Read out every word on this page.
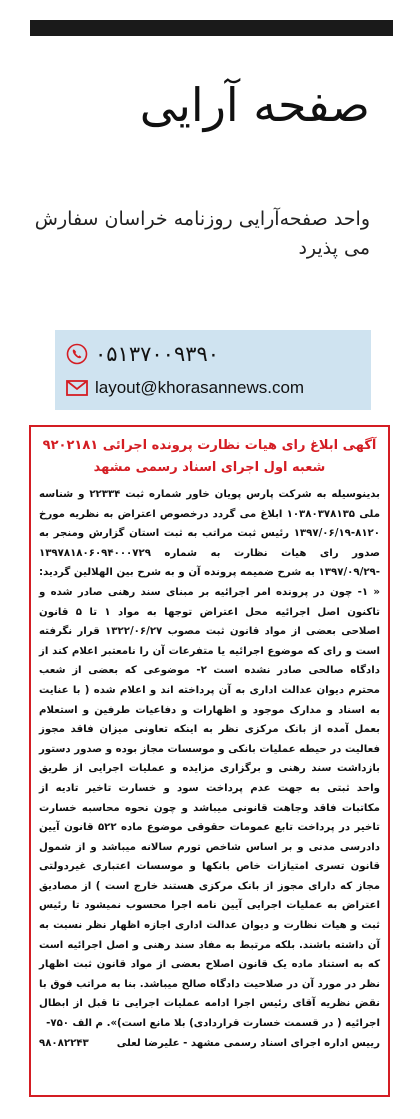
صفحه آرایی
واحد صفحه‌آرایی روزنامه خراسان سفارش می پذیرد
۰۵۱۳۷۰۰۹۳۹۰
layout@khorasannews.com
آگهی ابلاغ رای هیات نظارت پرونده اجرائی ۹۲۰۲۱۸۱
شعبه اول اجرای اسناد رسمی مشهد
بدینوسیله به شرکت پارس پویان خاور شماره ثبت ۲۲۳۳۴ و شناسه ملی ۱۰۳۸۰۳۷۸۱۳۵ ابلاغ می گردد درخصوص اعتراض به نظریه مورخ ۸۱۲۰-۱۳۹۷/۰۶/۱۹ رئیس ثبت مراتب به ثبت استان گزارش ومنجر به صدور رای هیات نظارت به شماره ۱۳۹۷۸۱۸۰۶۰۹۴۰۰۰۷۲۹ -۱۳۹۷/۰۹/۲۹ به شرح ضمیمه پرونده آن و به شرح بین الهلالین گردید: « ۱- چون در پرونده امر اجرائیه بر مبنای سند رهنی صادر شده و تاکنون اصل اجرائیه محل اعتراض توجها به مواد ۱ تا ۵ قانون اصلاحی بعضی از مواد قانون ثبت مصوب ۱۳۲۲/۰۶/۲۷ قرار نگرفته است و رای که موضوع اجرائیه یا متفرعات آن را نامعتبر اعلام کند از دادگاه صالحی صادر نشده است ۲- موضوعی که بعضی از شعب محترم دیوان عدالت اداری به آن پرداخته اند و اعلام شده ( با عنایت به اسناد و مدارک موجود و اظهارات و دفاعیات طرفین و استعلام بعمل آمده از بانک مرکزی نظر به اینکه تعاونی میزان فاقد مجوز فعالیت در حیطه عملیات بانکی و موسسات مجاز بوده و صدور دستور بازداشت سند رهنی و برگزاری مزایده و عملیات اجرایی از طریق واحد ثبتی به جهت عدم پرداخت سود و خسارت تاخیر تادیه از مکاتبات فاقد وجاهت قانونی میباشد و چون نحوه محاسبه خسارت تاخیر در پرداخت تابع عمومات حقوقی موضوع ماده ۵۲۲ قانون آیین دادرسی مدنی و بر اساس شاخص تورم سالانه میباشد و از شمول قانون تسری امتیازات خاص بانکها و موسسات اعتباری غیردولتی مجاز که دارای مجوز از بانک مرکزی هستند خارج است ) از مصادیق اعتراض به عملیات اجرایی آیین نامه اجرا محسوب نمیشود تا رئیس ثبت و هیات نظارت و دیوان عدالت اداری اجازه اظهار نظر نسبت به آن داشته باشند. بلکه مرتبط به مفاد سند رهنی و اصل اجرائیه است که به استناد ماده یک قانون اصلاح بعضی از مواد قانون ثبت اظهار نظر در مورد آن در صلاحیت دادگاه صالح میباشد. بنا به مراتب فوق با نقض نظریه آقای رئیس اجرا ادامه عملیات اجرایی تا قبل از ابطال اجرائیه ( در قسمت خسارت قراردادی) بلا مانع است)». م الف ۷۵۰-
رییس اداره اجرای اسناد رسمی مشهد - علیرضا لعلی
۹۸۰۸۲۲۴۳
